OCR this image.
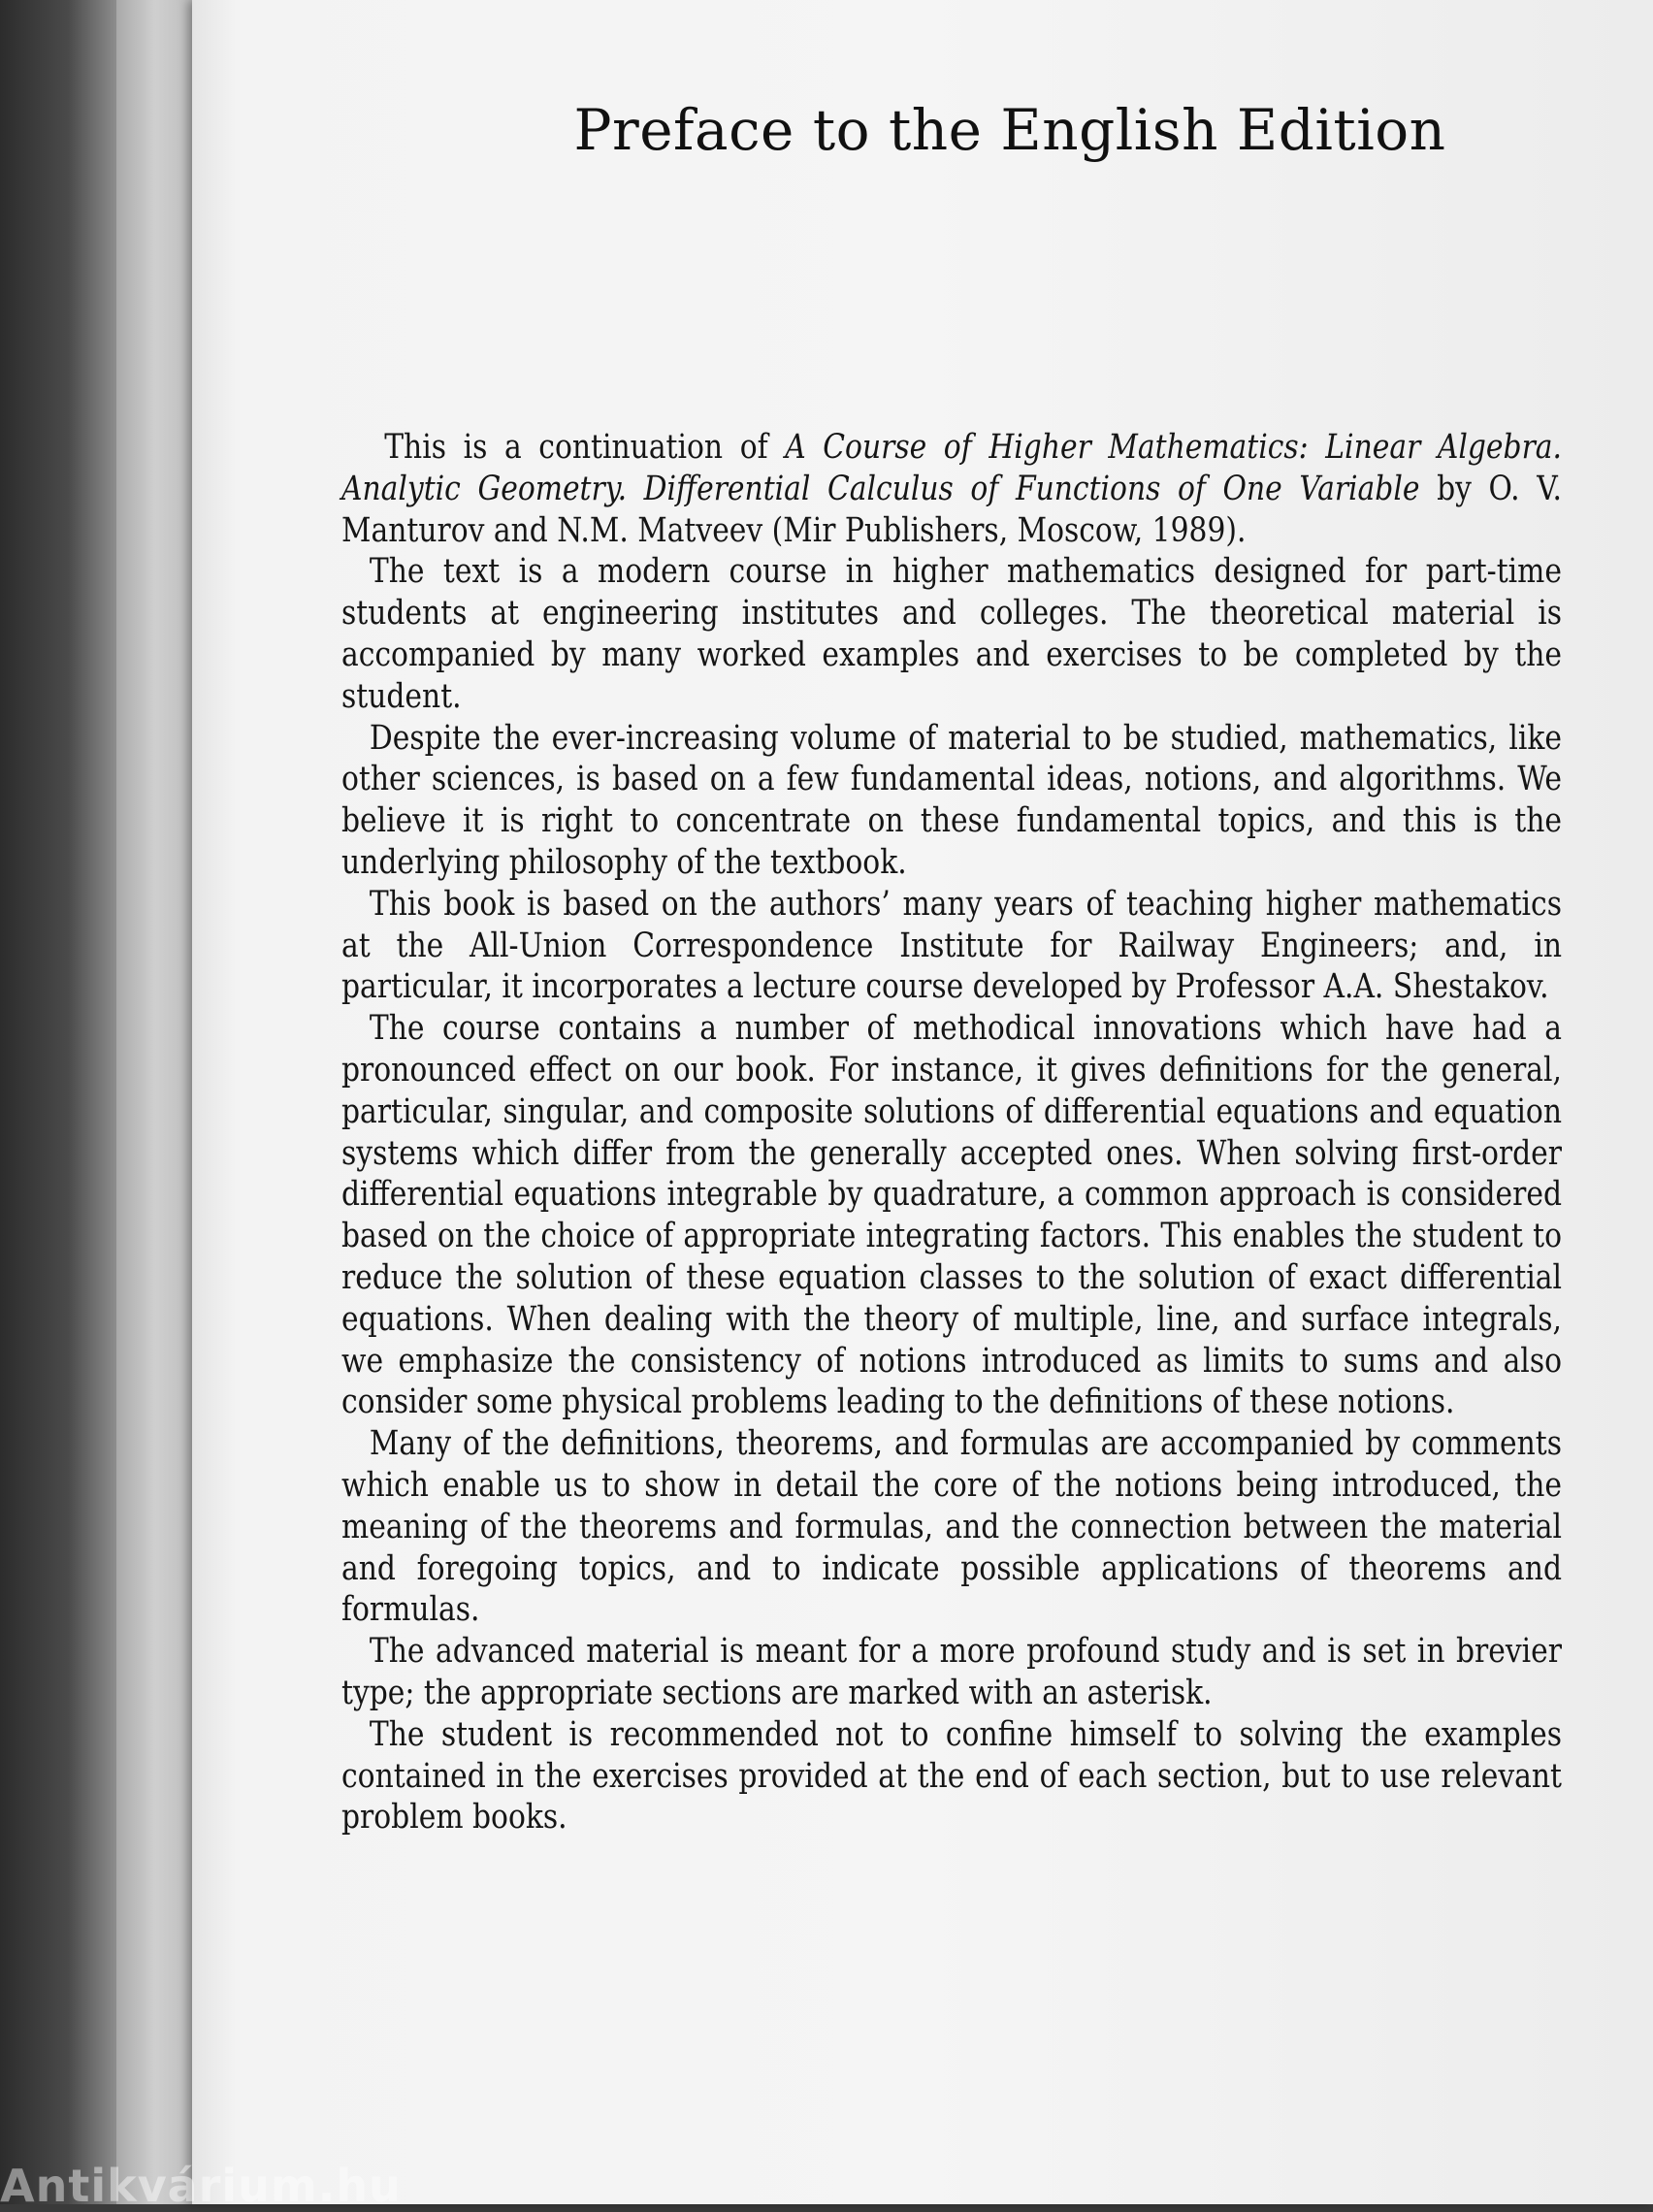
Preface to the English Edition

This is a continuation of A Course of Higher Mathematics: Linear Algebra. Analytic Geometry. Differential Calculus of Functions of One Variable by O. V. Manturov and N.M. Matveev (Mir Publishers, Moscow, 1989).

The text is a modern course in higher mathematics designed for part-time students at engineering institutes and colleges. The theoretical material is accompanied by many worked examples and exercises to be completed by the student.

Despite the ever-increasing volume of material to be studied, mathematics, like other sciences, is based on a few fundamental ideas, notions, and algorithms. We believe it is right to concentrate on these fundamental topics, and this is the underlying philosophy of the textbook.

This book is based on the authors’ many years of teaching higher mathematics at the All-Union Correspondence Institute for Railway Engineers; and, in particular, it incorporates a lecture course developed by Professor A.A. Shestakov.

The course contains a number of methodical innovations which have had a pronounced effect on our book. For instance, it gives definitions for the general, particular, singular, and composite solutions of differential equations and equation systems which differ from the generally accepted ones. When solving first-order differential equations integrable by quadrature, a common approach is considered based on the choice of appropriate integrating factors. This enables the student to reduce the solution of these equation classes to the solution of exact differential equations. When dealing with the theory of multiple, line, and surface integrals, we emphasize the consistency of notions introduced as limits to sums and also consider some physical problems leading to the definitions of these notions.

Many of the definitions, theorems, and formulas are accompanied by comments which enable us to show in detail the core of the notions being introduced, the meaning of the theorems and formulas, and the connection between the material and foregoing topics, and to indicate possible applications of theorems and formulas.

The advanced material is meant for a more profound study and is set in brevier type; the appropriate sections are marked with an asterisk.

The student is recommended not to confine himself to solving the examples contained in the exercises provided at the end of each section, but to use relevant problem books.

Antikvárium.hu
